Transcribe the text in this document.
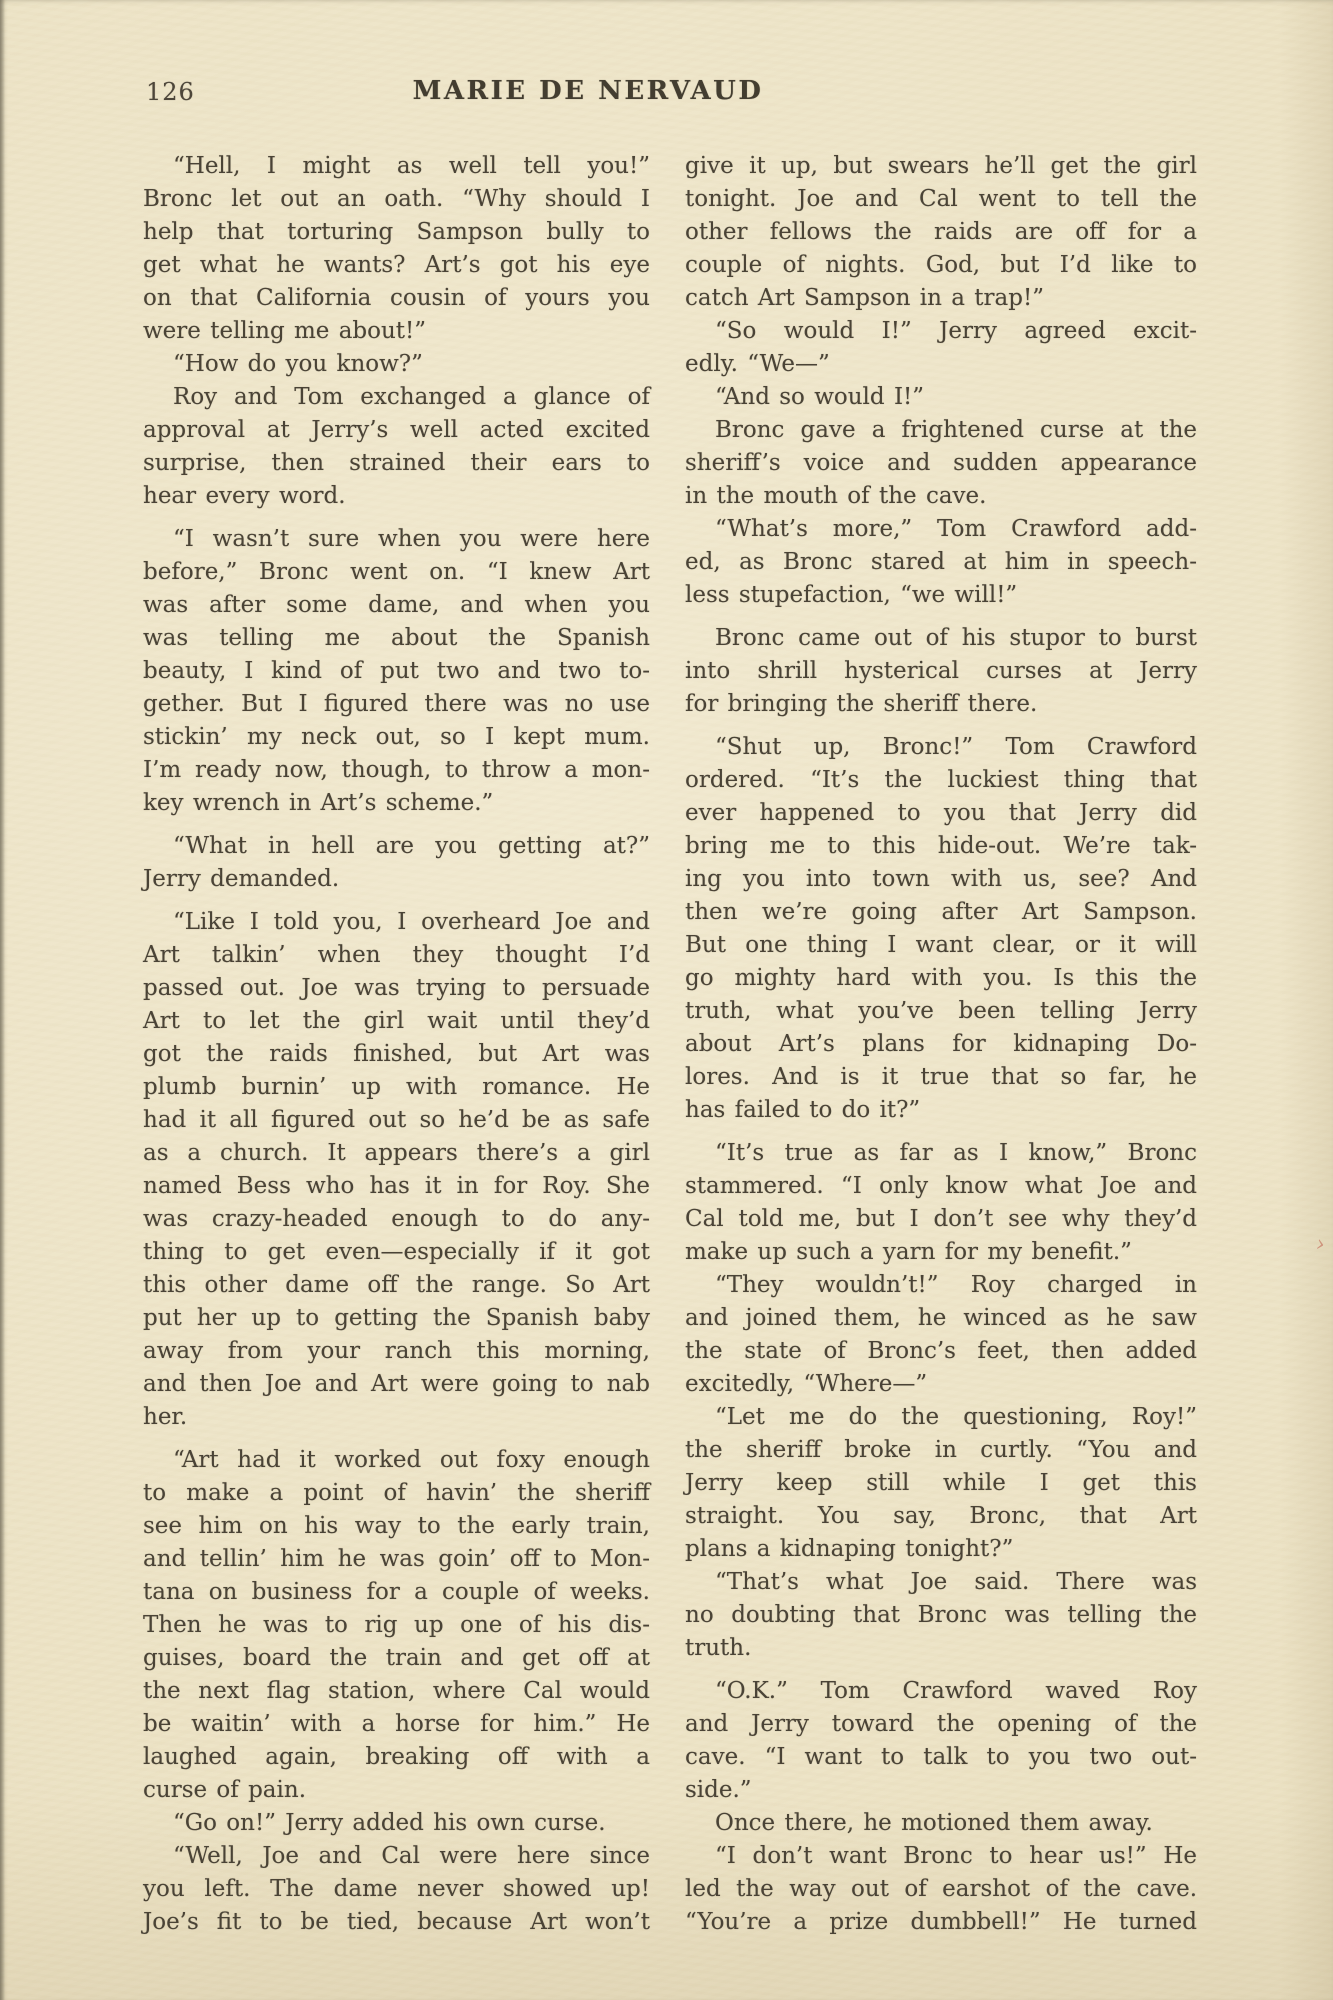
126	MARIE DE NERVAUD
“Hell, I might as well tell you!”
Bronc let out an oath. “Why should I
help that torturing Sampson bully to
get what he wants? Art’s got his eye
on that California cousin of yours you
were telling me about!”
“How do you know?”
Roy and Tom exchanged a glance of
approval at Jerry’s well acted excited
surprise, then strained their ears to
hear every word.
“I wasn’t sure when you were here
before,” Bronc went on. “I knew Art
was after some dame, and when you
was telling me about the Spanish
beauty, I kind of put two and two to-
gether. But I figured there was no use
stickin’ my neck out, so I kept mum.
I’m ready now, though, to throw a mon-
key wrench in Art’s scheme.”
“What in hell are you getting at?”
Jerry demanded.
“Like I told you, I overheard Joe and
Art talkin’ when they thought I’d
passed out. Joe was trying to persuade
Art to let the girl wait until they’d
got the raids finished, but Art was
plumb burnin’ up with romance. He
had it all figured out so he’d be as safe
as a church. It appears there’s a girl
named Bess who has it in for Roy. She
was crazy-headed enough to do any-
thing to get even—especially if it got
this other dame off the range. So Art
put her up to getting the Spanish baby
away from your ranch this morning,
and then Joe and Art were going to nab
her.
“Art had it worked out foxy enough
to make a point of havin’ the sheriff
see him on his way to the early train,
and tellin’ him he was goin’ off to Mon-
tana on business for a couple of weeks.
Then he was to rig up one of his dis-
guises, board the train and get off at
the next flag station, where Cal would
be waitin’ with a horse for him.” He
laughed again, breaking off with a
curse of pain.
“Go on!” Jerry added his own curse.
“Well, Joe and Cal were here since
you left. The dame never showed up!
Joe’s fit to be tied, because Art won’t
give it up, but swears he’ll get the girl
tonight. Joe and Cal went to tell the
other fellows the raids are off for a
couple of nights. God, but I’d like to
catch Art Sampson in a trap!”
“So would I!” Jerry agreed excit-
edly. “We—”
“And so would I!”
Bronc gave a frightened curse at the
sheriff’s voice and sudden appearance
in the mouth of the cave.
“What’s more,” Tom Crawford add-
ed, as Bronc stared at him in speech-
less stupefaction, “we will!”
Bronc came out of his stupor to burst
into shrill hysterical curses at Jerry
for bringing the sheriff there.
“Shut up, Bronc!” Tom Crawford
ordered. “It’s the luckiest thing that
ever happened to you that Jerry did
bring me to this hide-out. We’re tak-
ing you into town with us, see? And
then we’re going after Art Sampson.
But one thing I want clear, or it will
go mighty hard with you. Is this the
truth, what you’ve been telling Jerry
about Art’s plans for kidnaping Do-
lores. And is it true that so far, he
has failed to do it?”
“It’s true as far as I know,” Bronc
stammered. “I only know what Joe and
Cal told me, but I don’t see why they’d
make up such a yarn for my benefit.”
“They wouldn’t!” Roy charged in
and joined them, he winced as he saw
the state of Bronc’s feet, then added
excitedly, “Where—”
“Let me do the questioning, Roy!”
the sheriff broke in curtly. “You and
Jerry keep still while I get this
straight. You say, Bronc, that Art
plans a kidnaping tonight?”
“That’s what Joe said. There was
no doubting that Bronc was telling the
truth.
“O.K.” Tom Crawford waved Roy
and Jerry toward the opening of the
cave. “I want to talk to you two out-
side.”
Once there, he motioned them away.
“I don’t want Bronc to hear us!” He
led the way out of earshot of the cave.
“You’re a prize dumbbell!” He turned
›
